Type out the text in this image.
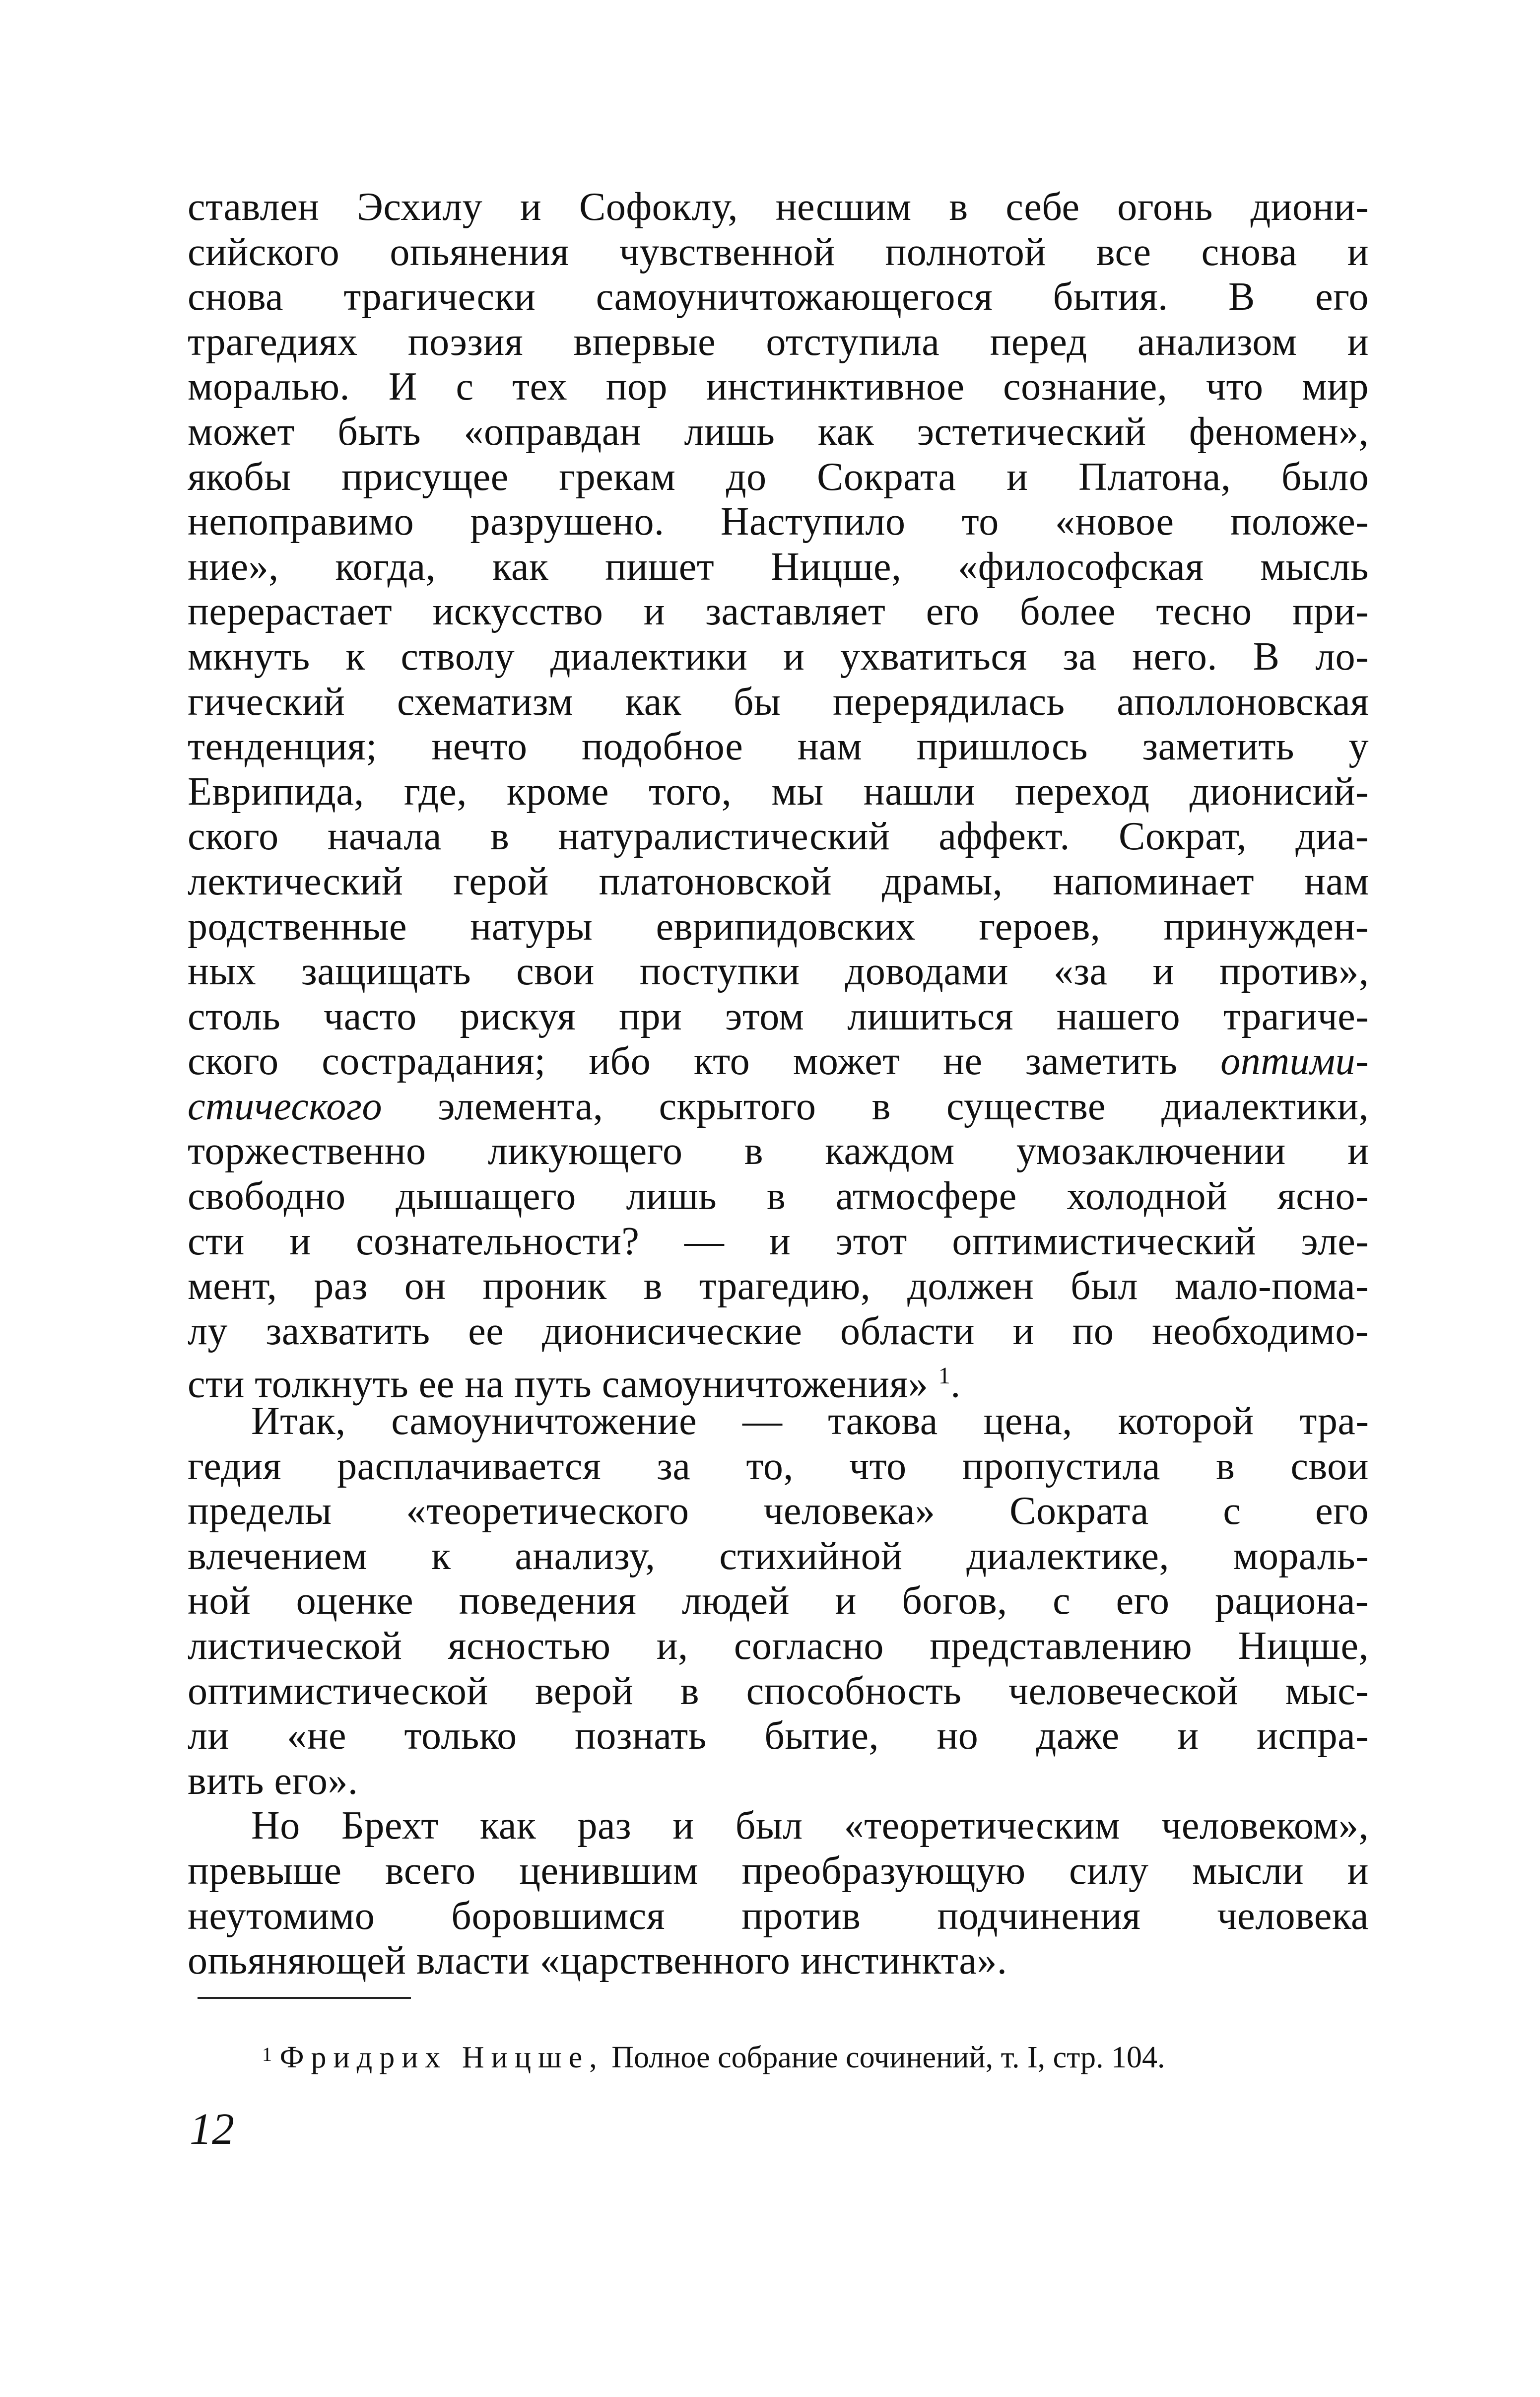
ставлен Эсхилу и Софоклу, несшим в себе огонь диони-
сийского опьянения чувственной полнотой все снова и
снова трагически самоуничтожающегося бытия. В его
трагедиях поэзия впервые отступила перед анализом и
моралью. И с тех пор инстинктивное сознание, что мир
может быть «оправдан лишь как эстетический феномен»,
якобы присущее грекам до Сократа и Платона, было
непоправимо разрушено. Наступило то «новое положе-
ние», когда, как пишет Ницше, «философская мысль
перерастает искусство и заставляет его более тесно при-
мкнуть к стволу диалектики и ухватиться за него. В ло-
гический схематизм как бы перерядилась аполлоновская
тенденция; нечто подобное нам пришлось заметить у
Еврипида, где, кроме того, мы нашли переход дионисий-
ского начала в натуралистический аффект. Сократ, диа-
лектический герой платоновской драмы, напоминает нам
родственные натуры еврипидовских героев, принужден-
ных защищать свои поступки доводами «за и против»,
столь часто рискуя при этом лишиться нашего трагиче-
ского сострадания; ибо кто может не заметить оптими-
стического элемента, скрытого в существе диалектики,
торжественно ликующего в каждом умозаключении и
свободно дышащего лишь в атмосфере холодной ясно-
сти и сознательности? — и этот оптимистический эле-
мент, раз он проник в трагедию, должен был мало-пома-
лу захватить ее дионисические области и по необходимо-
сти толкнуть ее на путь самоуничтожения» $^1$.
Итак, самоуничтожение — такова цена, которой тра-
гедия расплачивается за то, что пропустила в свои
пределы «теоретического человека» Сократа с его
влечением к анализу, стихийной диалектике, мораль-
ной оценке поведения людей и богов, с его рациона-
листической ясностью и, согласно представлению Ницше,
оптимистической верой в способность человеческой мыс-
ли «не только познать бытие, но даже и испра-
вить его».
Но Брехт как раз и был «теоретическим человеком»,
превыше всего ценившим преобразующую силу мысли и
неутомимо боровшимся против подчинения человека
опьяняющей власти «царственного инстинкта».
$^1$ Фридрих Ницше, Полное собрание сочинений, т. I, стр. 104.
12
